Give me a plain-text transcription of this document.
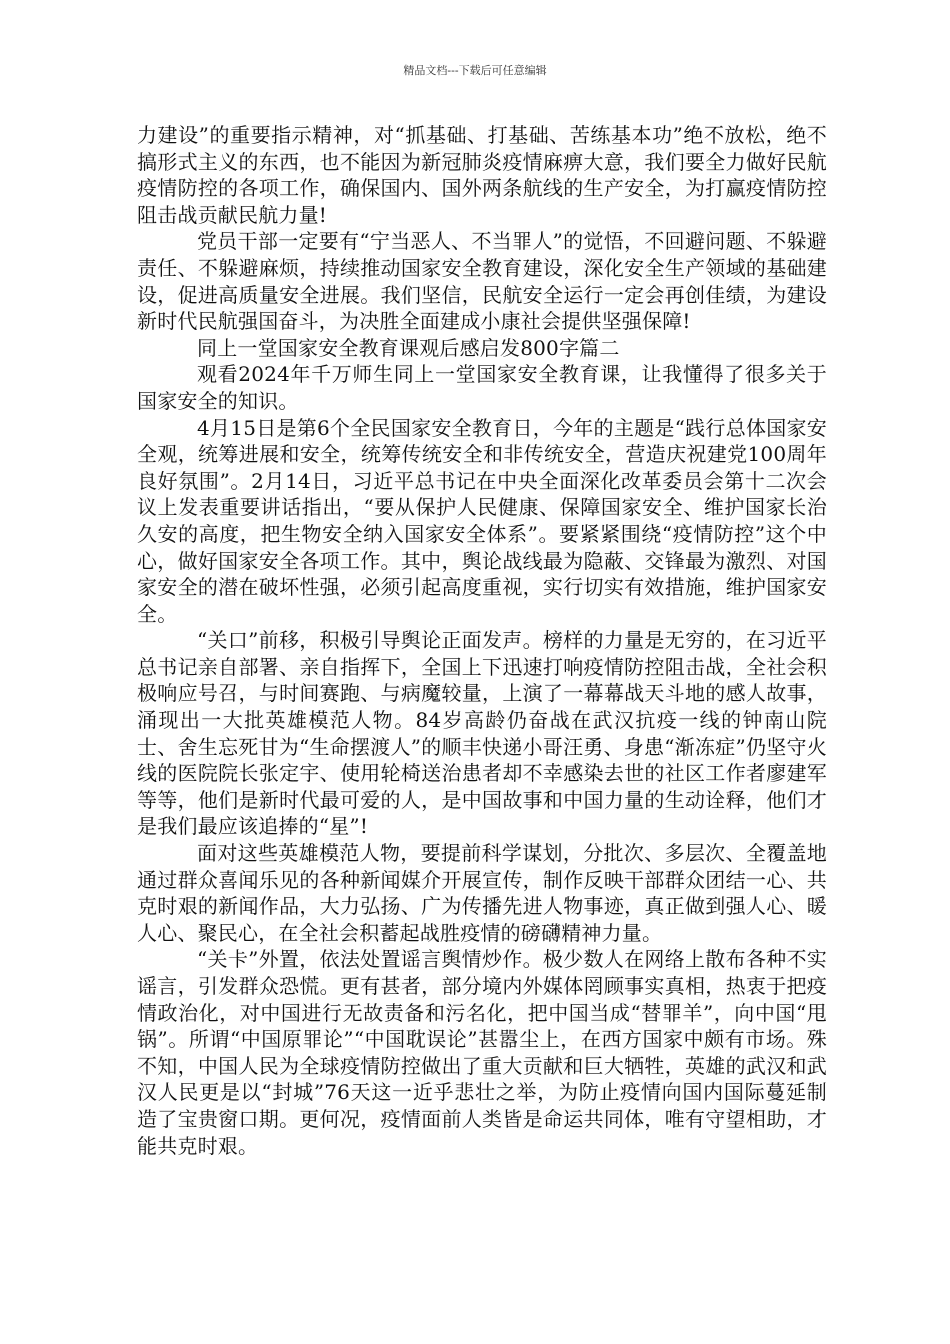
精品文档---下载后可任意编辑

力建设”的重要指示精神，对“抓基础、打基础、苦练基本功”绝不放松，绝不搞形式主义的东西，也不能因为新冠肺炎疫情麻痹大意，我们要全力做好民航疫情防控的各项工作，确保国内、国外两条航线的生产安全，为打赢疫情防控阻击战贡献民航力量!

党员干部一定要有“宁当恶人、不当罪人”的觉悟，不回避问题、不躲避责任、不躲避麻烦，持续推动国家安全教育建设，深化安全生产领域的基础建设，促进高质量安全进展。我们坚信，民航安全运行一定会再创佳绩，为建设新时代民航强国奋斗，为决胜全面建成小康社会提供坚强保障!

同上一堂国家安全教育课观后感启发800字篇二

观看2024年千万师生同上一堂国家安全教育课，让我懂得了很多关于国家安全的知识。

4月15日是第6个全民国家安全教育日，今年的主题是“践行总体国家安全观，统筹进展和安全，统筹传统安全和非传统安全，营造庆祝建党100周年良好氛围”。2月14日，习近平总书记在中央全面深化改革委员会第十二次会议上发表重要讲话指出，“要从保护人民健康、保障国家安全、维护国家长治久安的高度，把生物安全纳入国家安全体系”。要紧紧围绕“疫情防控”这个中心，做好国家安全各项工作。其中，舆论战线最为隐蔽、交锋最为激烈、对国家安全的潜在破坏性强，必须引起高度重视，实行切实有效措施，维护国家安全。

“关口”前移，积极引导舆论正面发声。榜样的力量是无穷的，在习近平总书记亲自部署、亲自指挥下，全国上下迅速打响疫情防控阻击战，全社会积极响应号召，与时间赛跑、与病魔较量，上演了一幕幕战天斗地的感人故事，涌现出一大批英雄模范人物。84岁高龄仍奋战在武汉抗疫一线的钟南山院士、舍生忘死甘为“生命摆渡人”的顺丰快递小哥汪勇、身患“渐冻症”仍坚守火线的医院院长张定宇、使用轮椅送治患者却不幸感染去世的社区工作者廖建军等等，他们是新时代最可爱的人，是中国故事和中国力量的生动诠释，他们才是我们最应该追捧的“星”!

面对这些英雄模范人物，要提前科学谋划，分批次、多层次、全覆盖地通过群众喜闻乐见的各种新闻媒介开展宣传，制作反映干部群众团结一心、共克时艰的新闻作品，大力弘扬、广为传播先进人物事迹，真正做到强人心、暖人心、聚民心，在全社会积蓄起战胜疫情的磅礴精神力量。

“关卡”外置，依法处置谣言舆情炒作。极少数人在网络上散布各种不实谣言，引发群众恐慌。更有甚者，部分境内外媒体罔顾事实真相，热衷于把疫情政治化，对中国进行无故责备和污名化，把中国当成“替罪羊”，向中国“甩锅”。所谓“中国原罪论”“中国耽误论”甚嚣尘上，在西方国家中颇有市场。殊不知，中国人民为全球疫情防控做出了重大贡献和巨大牺牲，英雄的武汉和武汉人民更是以“封城”76天这一近乎悲壮之举，为防止疫情向国内国际蔓延制造了宝贵窗口期。更何况，疫情面前人类皆是命运共同体，唯有守望相助，才能共克时艰。
